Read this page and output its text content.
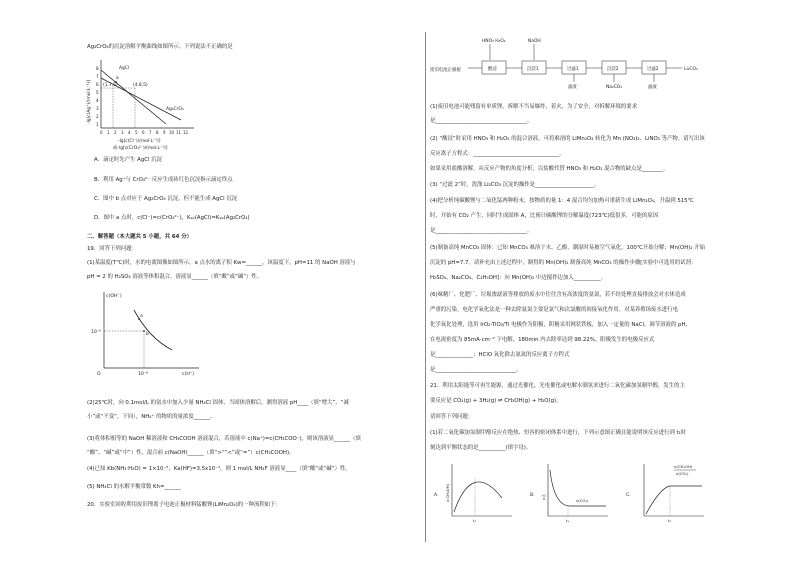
Ag₂CrO₄的沉淀溶解平衡曲线如图所示。下列说法不正确的是
1
2
3
4
5
6
7
8
0 1 2 3 4 5 6 7 8 9 10 11 12
AgCl
a
(1.7,5)	(4.8,5)
Ag₂CrO₄
-lg[c(Cl⁻)/(mol·L⁻¹)]
或-lg[c(CrO₄²⁻)/(mol·L⁻¹)]
-lg[c(Ag⁺)/(mol·L⁻¹)]
A．滴定时先产生 AgCl 沉淀
B．利用 Ag⁺与 CrO₄²⁻ 反应生成砖红色沉淀指示滴定终点
C．图中 b 点对应于 Ag₂CrO₄ 沉淀，但不能生成 AgCl 沉淀
D．图中 a 点时，c(Cl⁻)=c(CrO₄²⁻)，Kₛₚ(AgCl)=Kₛₚ(Ag₂CrO₄)
二、解答题（本大题共 5 小题，共 64 分）
19．回答下列问题：
(1)某温度(T℃)时，水的电离图像如图所示，a 点水的离子积 Kw=______，该温度下，pH=11 的 NaOH 溶液与
pH = 2 的 H₂SO₄ 溶液等体积混合，溶液显______（填“酸”或“碱”）性。
c(OH⁻)
c(H⁺)
10⁻⁶
10⁻⁶
O
a
b
(2)25℃时，向 0.1mol/L 的氨水中加入少量 NH₄Cl 固体，当固体溶解后，测得溶液 pH____（填“增大”、“减
小”或“不变”，下同），NH₄⁺ 的物质的量浓度______。
(3)将体积相等的 NaOH 稀溶液和 CH₃COOH 溶液混合，若溶液中 c(Na⁺)=c(CH₃COO⁻)，则该溶液显______（填
“酸”、“碱”或“中”）性，混合前 c(NaOH)______（填“>”“<”或“=”）c(CH₃COOH)。
(4)已知 Kb(NH₃·H₂O) = 1×10⁻⁵，Ka(HF)=3.5x10⁻⁴，则 1 mol/L NH₄F 溶液显____（填“酸”或“碱”）性。
(5) NH₄Cl 的水解平衡常数 Kh=______
20．实验室回收利用废旧锂离子电池正极材料锰酸锂(LiMn₂O₄)的一种流程如下：
HNO₃ H₂O₂	NaOH
废旧电池正极板	酸浸	沉淀1	过滤1	沉淀2	过滤2	Li₂CO₃
滤渣	Na₂CO₃	滤液
(1)废旧电池可能残留有单质锂，拆解不当易爆炸、着火，为了安全，对拆解环境的要求
是__________________________________。
(2) “酸浸”时采用 HNO₃ 和 H₂O₂ 的混合溶液，可将难溶的 LiMn₂O₄ 转化为 Mn (NO₃)₂、LiNO₃ 等产物。请写出该
反应离子方程式：________________________________。
如果采用盐酸溶解，从反应产物的角度分析，以盐酸代替 HNO₃ 和 H₂O₂ 混合物的缺点是________。
(3) “过滤 2”时，洗涤 Li₂CO₃ 沉淀的操作是______________________。
(4)把分析纯碳酸锂与二氧化锰两种粉末，按物质的量 1：4 混合均匀加热可重新生成 LiMn₂O₄，升温到 515℃
时，开始有 CO₂ 产生，同时生成固体 A，比预计碳酸锂的分解温度(723℃)低很多，可能的原因
是__________________________________。
(5)制备高纯 MnCO₃ 固体：已知 MnCO₃ 难溶于水、乙醇，潮湿时易被空气氧化，100℃开始分解；Mn(OH)₂ 开始
沉淀的 pH=7.7。请补充由上述过程中，制得的 Mn(OH)₂ 制备高纯 MnCO₃ 的操作步骤[实验中可选用的试剂：
H₂SO₄、Na₂CO₃、C₂H₅OH]：向 Mn(OH)₂ 中边搅拌边加入__________。
(6)味精厂、化肥厂、垃圾渗滤液等排放的废水中往往含有高浓度的氨氮，若不经处理直接排放会对水体造成
严重的污染。电化学氧化法是一种去除氨氮主要是氯气和次氯酸的间接氧化作用。对某养殖场废水进行电
化学氧化处理，选用 IrO₂-TiO₂/Ti 电极作为阳极，阴极采用网状铁板，加入一定量的 NaCl，调节溶液的 pH，
在电流密度为 85mA·cm⁻² 下电解，180min 内去除率达到 98.22%。阳极发生的电极反应式
是______________；HClO 氧化除去氨氮的反应离子方程式
是______________________________。
21．利用太阳能等可再生能源，通过光催化、光电催化或电解水制氢来进行二氧化碳加氢制甲醇，发生的主
要反应是 CO₂(g) + 3H₂(g) ⇌ CH₃OH(g) + H₂O(g)。
请回答下列问题：
(1)若二氧化碳加氢制甲醇反应在绝热、恒容的密闭体系中进行，下列示意图正确且能说明该反应进行到 t₁时
刻达到平衡状态的是__________(填字母)。
A.	B.	C.
c(CH₃OH)
t₁
v正
v(CO₂)
t₁
n(CH₃OH)
n(CO₂)
t₁
